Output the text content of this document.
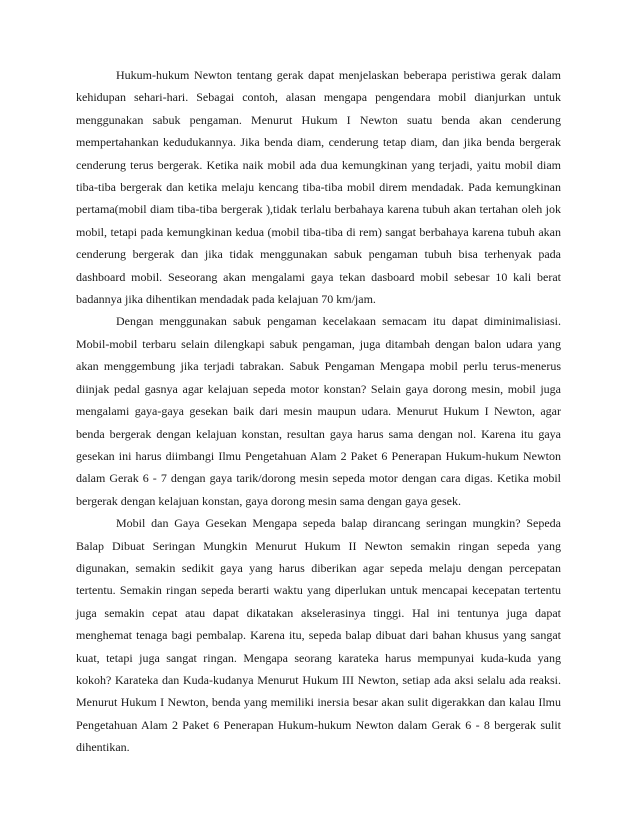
Hukum-hukum Newton tentang gerak dapat menjelaskan beberapa peristiwa gerak dalam kehidupan sehari-hari. Sebagai contoh, alasan mengapa pengendara mobil dianjurkan untuk menggunakan sabuk pengaman. Menurut Hukum I Newton suatu benda akan cenderung mempertahankan kedudukannya. Jika benda diam, cenderung tetap diam, dan jika benda bergerak cenderung terus bergerak. Ketika naik mobil ada dua kemungkinan yang terjadi, yaitu mobil diam tiba-tiba bergerak dan ketika melaju kencang tiba-tiba mobil direm mendadak. Pada kemungkinan pertama(mobil diam tiba-tiba bergerak ),tidak terlalu berbahaya karena tubuh akan tertahan oleh jok mobil, tetapi pada kemungkinan kedua (mobil tiba-tiba di rem) sangat berbahaya karena tubuh akan cenderung bergerak dan jika tidak menggunakan sabuk pengaman tubuh bisa terhenyak pada dashboard mobil. Seseorang akan mengalami gaya tekan dasboard mobil sebesar 10 kali berat badannya jika dihentikan mendadak pada kelajuan 70 km/jam.

Dengan menggunakan sabuk pengaman kecelakaan semacam itu dapat diminimalisiasi. Mobil-mobil terbaru selain dilengkapi sabuk pengaman, juga ditambah dengan balon udara yang akan menggembung jika terjadi tabrakan. Sabuk Pengaman Mengapa mobil perlu terus-menerus diinjak pedal gasnya agar kelajuan sepeda motor konstan? Selain gaya dorong mesin, mobil juga mengalami gaya-gaya gesekan baik dari mesin maupun udara. Menurut Hukum I Newton, agar benda bergerak dengan kelajuan konstan, resultan gaya harus sama dengan nol. Karena itu gaya gesekan ini harus diimbangi Ilmu Pengetahuan Alam 2 Paket 6 Penerapan Hukum-hukum Newton dalam Gerak 6 - 7 dengan gaya tarik/dorong mesin sepeda motor dengan cara digas. Ketika mobil bergerak dengan kelajuan konstan, gaya dorong mesin sama dengan gaya gesek.

Mobil dan Gaya Gesekan Mengapa sepeda balap dirancang seringan mungkin? Sepeda Balap Dibuat Seringan Mungkin Menurut Hukum II Newton semakin ringan sepeda yang digunakan, semakin sedikit gaya yang harus diberikan agar sepeda melaju dengan percepatan tertentu. Semakin ringan sepeda berarti waktu yang diperlukan untuk mencapai kecepatan tertentu juga semakin cepat atau dapat dikatakan akselerasinya tinggi. Hal ini tentunya juga dapat menghemat tenaga bagi pembalap. Karena itu, sepeda balap dibuat dari bahan khusus yang sangat kuat, tetapi juga sangat ringan. Mengapa seorang karateka harus mempunyai kuda-kuda yang kokoh? Karateka dan Kuda-kudanya Menurut Hukum III Newton, setiap ada aksi selalu ada reaksi. Menurut Hukum I Newton, benda yang memiliki inersia besar akan sulit digerakkan dan kalau Ilmu Pengetahuan Alam 2 Paket 6 Penerapan Hukum-hukum Newton dalam Gerak 6 - 8 bergerak sulit dihentikan.
